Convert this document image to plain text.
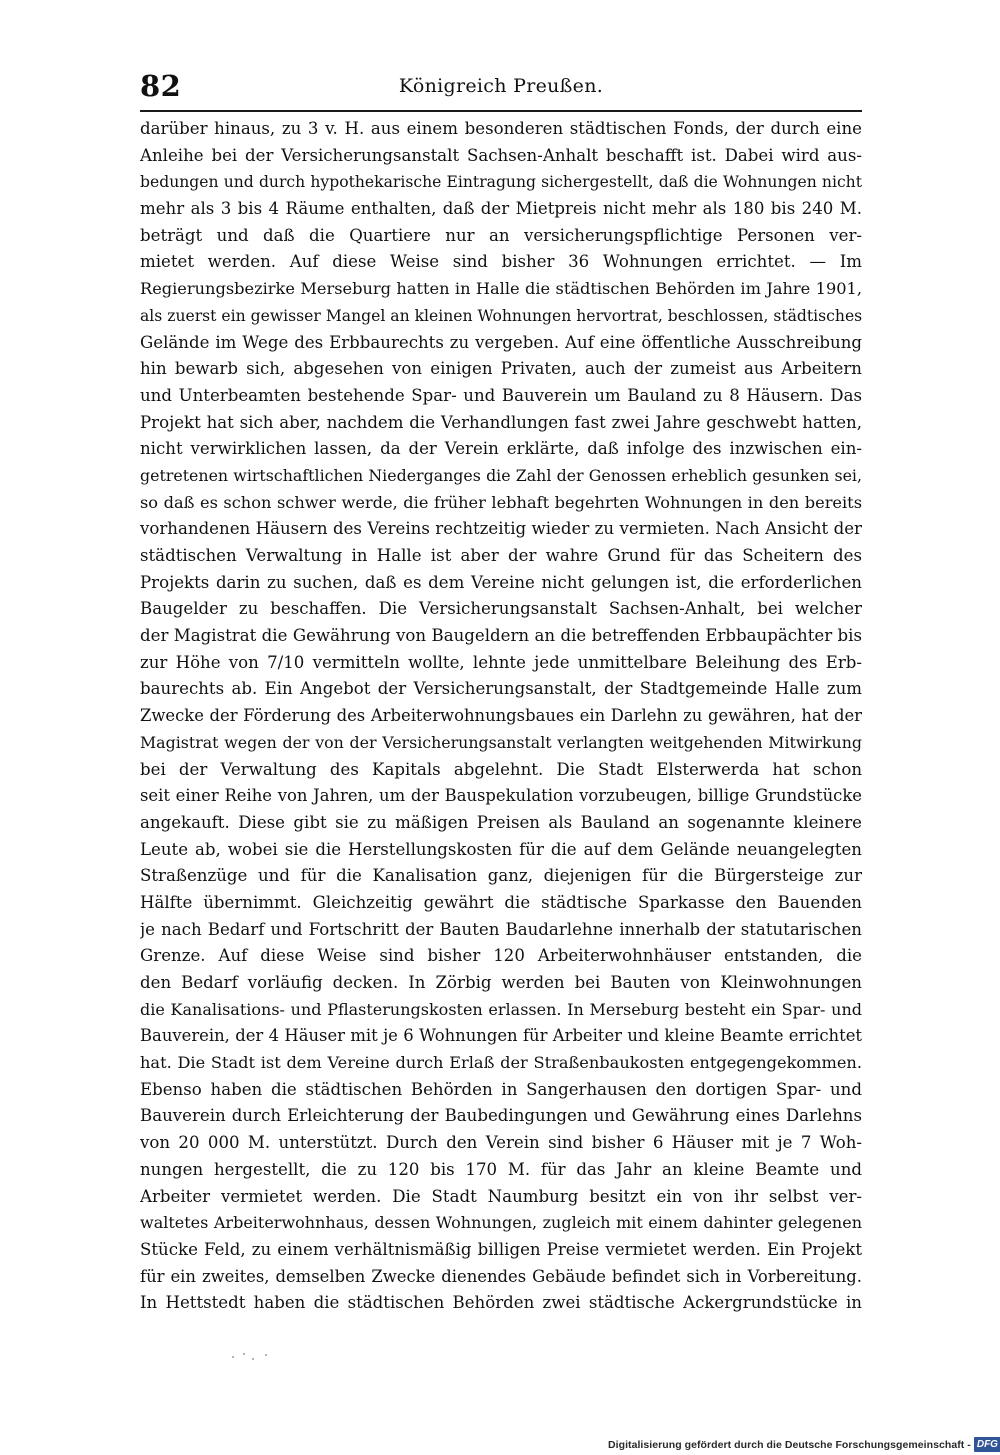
82	Königreich Preußen.
darüber hinaus, zu 3 v. H. aus einem besonderen städtischen Fonds, der durch eine
Anleihe bei der Versicherungsanstalt Sachsen-Anhalt beschafft ist. Dabei wird aus-
bedungen und durch hypothekarische Eintragung sichergestellt, daß die Wohnungen nicht
mehr als 3 bis 4 Räume enthalten, daß der Mietpreis nicht mehr als 180 bis 240 M.
beträgt und daß die Quartiere nur an versicherungspflichtige Personen ver-
mietet werden. Auf diese Weise sind bisher 36 Wohnungen errichtet. — Im
Regierungsbezirke Merseburg hatten in Halle die städtischen Behörden im Jahre 1901,
als zuerst ein gewisser Mangel an kleinen Wohnungen hervortrat, beschlossen, städtisches
Gelände im Wege des Erbbaurechts zu vergeben. Auf eine öffentliche Ausschreibung
hin bewarb sich, abgesehen von einigen Privaten, auch der zumeist aus Arbeitern
und Unterbeamten bestehende Spar- und Bauverein um Bauland zu 8 Häusern. Das
Projekt hat sich aber, nachdem die Verhandlungen fast zwei Jahre geschwebt hatten,
nicht verwirklichen lassen, da der Verein erklärte, daß infolge des inzwischen ein-
getretenen wirtschaftlichen Niederganges die Zahl der Genossen erheblich gesunken sei,
so daß es schon schwer werde, die früher lebhaft begehrten Wohnungen in den bereits
vorhandenen Häusern des Vereins rechtzeitig wieder zu vermieten. Nach Ansicht der
städtischen Verwaltung in Halle ist aber der wahre Grund für das Scheitern des
Projekts darin zu suchen, daß es dem Vereine nicht gelungen ist, die erforderlichen
Baugelder zu beschaffen. Die Versicherungsanstalt Sachsen-Anhalt, bei welcher
der Magistrat die Gewährung von Baugeldern an die betreffenden Erbbaupächter bis
zur Höhe von 7/10 vermitteln wollte, lehnte jede unmittelbare Beleihung des Erb-
baurechts ab. Ein Angebot der Versicherungsanstalt, der Stadtgemeinde Halle zum
Zwecke der Förderung des Arbeiterwohnungsbaues ein Darlehn zu gewähren, hat der
Magistrat wegen der von der Versicherungsanstalt verlangten weitgehenden Mitwirkung
bei der Verwaltung des Kapitals abgelehnt. Die Stadt Elsterwerda hat schon
seit einer Reihe von Jahren, um der Bauspekulation vorzubeugen, billige Grundstücke
angekauft. Diese gibt sie zu mäßigen Preisen als Bauland an sogenannte kleinere
Leute ab, wobei sie die Herstellungskosten für die auf dem Gelände neuangelegten
Straßenzüge und für die Kanalisation ganz, diejenigen für die Bürgersteige zur
Hälfte übernimmt. Gleichzeitig gewährt die städtische Sparkasse den Bauenden
je nach Bedarf und Fortschritt der Bauten Baudarlehne innerhalb der statutarischen
Grenze. Auf diese Weise sind bisher 120 Arbeiterwohnhäuser entstanden, die
den Bedarf vorläufig decken. In Zörbig werden bei Bauten von Kleinwohnungen
die Kanalisations- und Pflasterungskosten erlassen. In Merseburg besteht ein Spar- und
Bauverein, der 4 Häuser mit je 6 Wohnungen für Arbeiter und kleine Beamte errichtet
hat. Die Stadt ist dem Vereine durch Erlaß der Straßenbaukosten entgegengekommen.
Ebenso haben die städtischen Behörden in Sangerhausen den dortigen Spar- und
Bauverein durch Erleichterung der Baubedingungen und Gewährung eines Darlehns
von 20 000 M. unterstützt. Durch den Verein sind bisher 6 Häuser mit je 7 Woh-
nungen hergestellt, die zu 120 bis 170 M. für das Jahr an kleine Beamte und
Arbeiter vermietet werden. Die Stadt Naumburg besitzt ein von ihr selbst ver-
waltetes Arbeiterwohnhaus, dessen Wohnungen, zugleich mit einem dahinter gelegenen
Stücke Feld, zu einem verhältnismäßig billigen Preise vermietet werden. Ein Projekt
für ein zweites, demselben Zwecke dienendes Gebäude befindet sich in Vorbereitung.
In Hettstedt haben die städtischen Behörden zwei städtische Ackergrundstücke in
Digitalisierung gefördert durch die Deutsche Forschungsgemeinschaft - DFG
